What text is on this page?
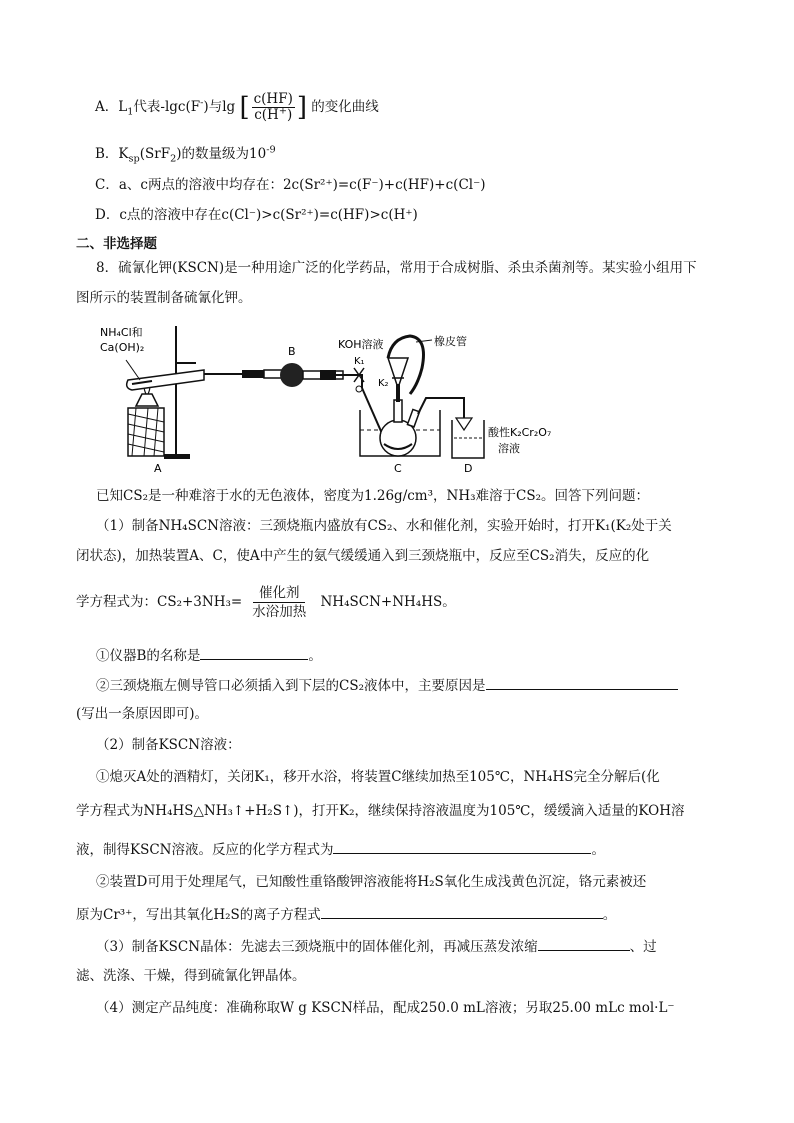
A．$L_1$代表-lgc(F-)与lg [ $\frac{c(HF)}{c(H^+)}$ ] 的变化曲线
B．$K_{sp}(SrF_2)$的数量级为$10^{-9}$
C．a、c两点的溶液中均存在：2c(Sr²⁺)=c(F⁻)+c(HF)+c(Cl⁻)
D．c点的溶液中存在c(Cl⁻)>c(Sr²⁺)=c(HF)>c(H⁺)
二、非选择题
8．硫氰化钾(KSCN)是一种用途广泛的化学药品，常用于合成树脂、杀虫杀菌剂等。某实验小组用下
图所示的装置制备硫氰化钾。
NH₄Cl和
Ca(OH)₂	B
KOH溶液	橡皮管
K₁
K₂
酸性K₂Cr₂O₇
溶液
A	C	D
已知CS₂是一种难溶于水的无色液体，密度为1.26g/cm³，NH₃难溶于CS₂。回答下列问题：
（1）制备NH₄SCN溶液：三颈烧瓶内盛放有CS₂、水和催化剂，实验开始时，打开K₁(K₂处于关
闭状态)，加热装置A、C，使A中产生的氨气缓缓通入到三颈烧瓶中，反应至CS₂消失，反应的化
学方程式为：CS₂+3NH₃=
催化剂
水浴加热
NH₄SCN+NH₄HS。
①仪器B的名称是	。
②三颈烧瓶左侧导管口必须插入到下层的CS₂液体中，主要原因是
(写出一条原因即可)。
（2）制备KSCN溶液：
①熄灭A处的酒精灯，关闭K₁，移开水浴，将装置C继续加热至105℃，NH₄HS完全分解后(化
学方程式为NH₄HS△NH₃↑+H₂S↑)，打开K₂，继续保持溶液温度为105℃，缓缓滴入适量的KOH溶
液，制得KSCN溶液。反应的化学方程式为	。
②装置D可用于处理尾气，已知酸性重铬酸钾溶液能将H₂S氧化生成浅黄色沉淀，铬元素被还
原为Cr³⁺，写出其氧化H₂S的离子方程式	。
（3）制备KSCN晶体：先滤去三颈烧瓶中的固体催化剂，再减压蒸发浓缩	、过
滤、洗涤、干燥，得到硫氰化钾晶体。
（4）测定产品纯度：准确称取W g KSCN样品，配成250.0 mL溶液；另取25.00 mLc mol·L⁻
